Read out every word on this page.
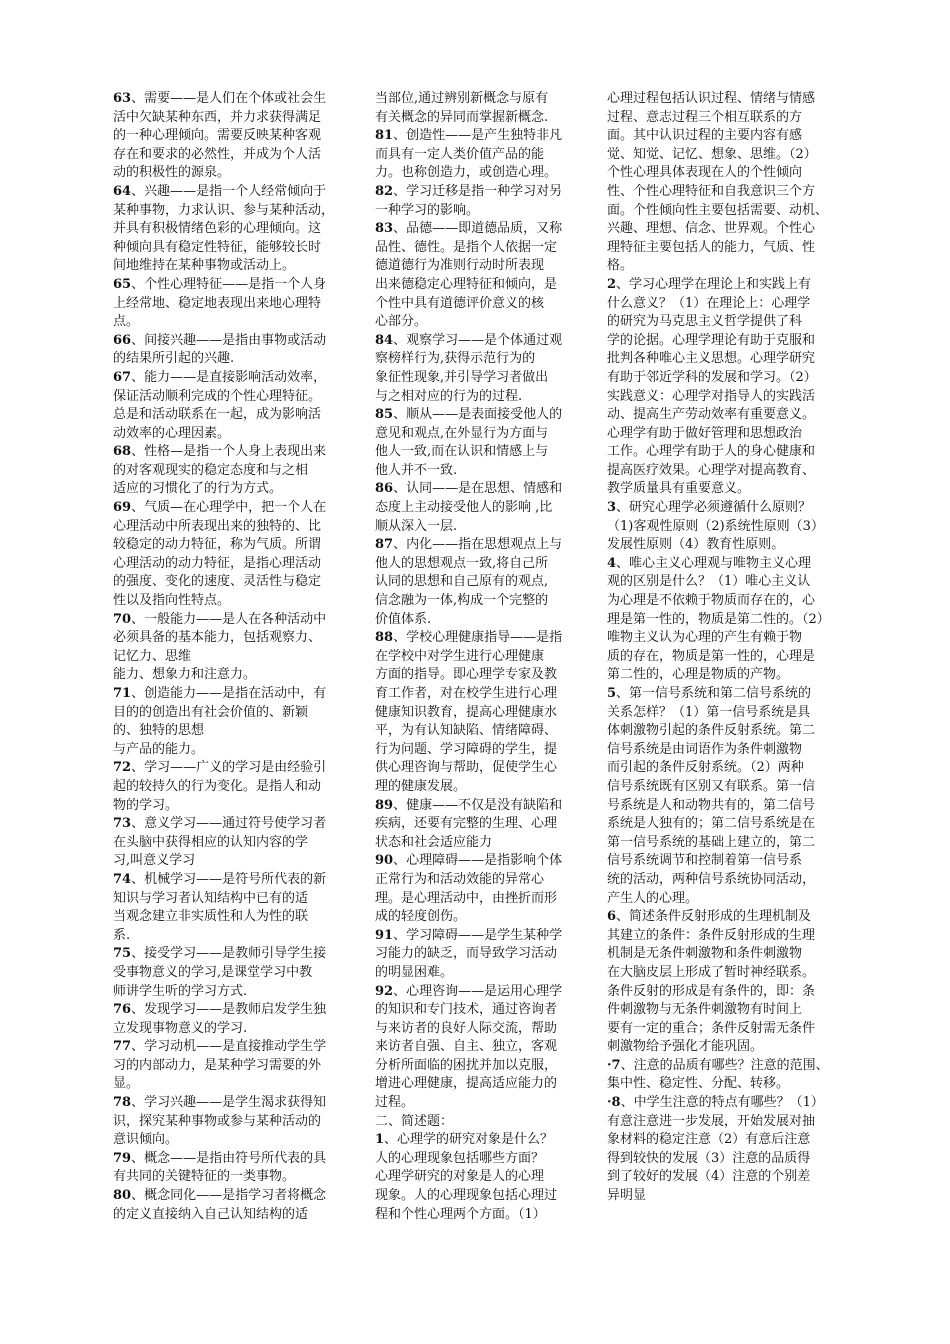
63、需要——是人们在个体或社会生
活中欠缺某种东西，并力求获得满足
的一种心理倾向。需要反映某种客观
存在和要求的必然性，并成为个人活
动的积极性的源泉。

64、兴趣——是指一个人经常倾向于
某种事物，力求认识、参与某种活动，
并具有积极情绪色彩的心理倾向。这
种倾向具有稳定性特征，能够较长时
间地维持在某种事物或活动上。

65、个性心理特征——是指一个人身
上经常地、稳定地表现出来地心理特
点。

66、间接兴趣——是指由事物或活动
的结果所引起的兴趣.

67、能力——是直接影响活动效率，
保证活动顺利完成的个性心理特征。
总是和活动联系在一起，成为影响活
动效率的心理因素。

68、性格—是指一个人身上表现出来
的对客观现实的稳定态度和与之相
适应的习惯化了的行为方式。

69、气质—在心理学中，把一个人在
心理活动中所表现出来的独特的、比
较稳定的动力特征，称为气质。所谓
心理活动的动力特征，是指心理活动
的强度、变化的速度、灵活性与稳定
性以及指向性特点。

70、一般能力——是人在各种活动中
必须具备的基本能力，包括观察力、
记忆力、思维
能力、想象力和注意力。

71、创造能力——是指在活动中，有
目的的创造出有社会价值的、新颖
的、独特的思想
与产品的能力。

72、学习——广义的学习是由经验引
起的较持久的行为变化。是指人和动
物的学习。

73、意义学习——通过符号使学习者
在头脑中获得相应的认知内容的学
习,叫意义学习

74、机械学习——是符号所代表的新
知识与学习者认知结构中已有的适
当观念建立非实质性和人为性的联
系.

75、接受学习——是教师引导学生接
受事物意义的学习,是课堂学习中教
师讲学生听的学习方式.

76、发现学习——是教师启发学生独
立发现事物意义的学习.

77、学习动机——是直接推动学生学
习的内部动力，是某种学习需要的外
显。

78、学习兴趣——是学生渴求获得知
识，探究某种事物或参与某种活动的
意识倾向。

79、概念——是指由符号所代表的具
有共同的关键特征的一类事物。

80、概念同化——是指学习者将概念
的定义直接纳入自己认知结构的适

当部位,通过辨别新概念与原有
有关概念的异同而掌握新概念.

81、创造性——是产生独特非凡
而具有一定人类价值产品的能
力。也称创造力，或创造心理。

82、学习迁移是指一种学习对另
一种学习的影响。

83、品德——即道德品质，又称
品性、德性。是指个人依据一定
德道德行为准则行动时所表现
出来德稳定心理特征和倾向，是
个性中具有道德评价意义的核
心部分。

84、观察学习——是个体通过观
察榜样行为,获得示范行为的
象征性现象,并引导学习者做出
与之相对应的行为的过程.

85、顺从——是表面接受他人的
意见和观点,在外显行为方面与
他人一致,而在认识和情感上与
他人并不一致.

86、认同——是在思想、情感和
态度上主动接受他人的影响 ,比
顺从深入一层.

87、内化——指在思想观点上与
他人的思想观点一致,将自己所
认同的思想和自己原有的观点,
信念融为一体,构成一个完整的
价值体系.

88、学校心理健康指导——是指
在学校中对学生进行心理健康
方面的指导。即心理学专家及教
育工作者，对在校学生进行心理
健康知识教育，提高心理健康水
平，为有认知缺陷、情绪障碍、
行为问题、学习障碍的学生，提
供心理咨询与帮助，促使学生心
理的健康发展。

89、健康——不仅是没有缺陷和
疾病，还要有完整的生理、心理
状态和社会适应能力

90、心理障碍——是指影响个体
正常行为和活动效能的异常心
理。是心理活动中，由挫折而形
成的轻度创伤。

91、学习障碍——是学生某种学
习能力的缺乏，而导致学习活动
的明显困难。

92、心理咨询——是运用心理学
的知识和专门技术，通过咨询者
与来访者的良好人际交流，帮助
来访者自强、自主、独立，客观
分析所面临的困扰并加以克服，
增进心理健康，提高适应能力的
过程。

二、简述题：

1、心理学的研究对象是什么？
人的心理现象包括哪些方面？
心理学研究的对象是人的心理
现象。人的心理现象包括心理过
程和个性心理两个方面。（1）

心理过程包括认识过程、情绪与情感
过程、意志过程三个相互联系的方
面。其中认识过程的主要内容有感
觉、知觉、记忆、想象、思维。（2）
个性心理具体表现在人的个性倾向
性、个性心理特征和自我意识三个方
面。个性倾向性主要包括需要、动机、
兴趣、理想、信念、世界观。个性心
理特征主要包括人的能力，气质、性
格。

2、学习心理学在理论上和实践上有
什么意义？（1）在理论上：心理学
的研究为马克思主义哲学提供了科
学的论据。心理学理论有助于克服和
批判各种唯心主义思想。心理学研究
有助于邻近学科的发展和学习。（2）
实践意义：心理学对指导人的实践活
动、提高生产劳动效率有重要意义。
心理学有助于做好管理和思想政治
工作。心理学有助于人的身心健康和
提高医疗效果。心理学对提高教育、
教学质量具有重要意义。

3、研究心理学必须遵循什么原则？
（1)客观性原则（2)系统性原则（3）
发展性原则（4）教育性原则。

4、唯心主义心理观与唯物主义心理
观的区别是什么？（1）唯心主义认
为心理是不依赖于物质而存在的，心
理是第一性的，物质是第二性的。（2）
唯物主义认为心理的产生有赖于物
质的存在，物质是第一性的，心理是
第二性的，心理是物质的产物。

5、第一信号系统和第二信号系统的
关系怎样？（1）第一信号系统是具
体刺激物引起的条件反射系统。第二
信号系统是由词语作为条件刺激物
而引起的条件反射系统。（2）两种
信号系统既有区别又有联系。第一信
号系统是人和动物共有的，第二信号
系统是人独有的；第二信号系统是在
第一信号系统的基础上建立的，第二
信号系统调节和控制着第一信号系
统的活动，两种信号系统协同活动，
产生人的心理。

6、简述条件反射形成的生理机制及
其建立的条件：条件反射形成的生理
机制是无条件刺激物和条件刺激物
在大脑皮层上形成了暂时神经联系。
条件反射的形成是有条件的，即：条
件刺激物与无条件刺激物有时间上
要有一定的重合；条件反射需无条件
刺激物给予强化才能巩固。

·7、注意的品质有哪些？注意的范围、
集中性、稳定性、分配、转移。

·8、中学生注意的特点有哪些？（1）
有意注意进一步发展，开始发展对抽
象材料的稳定注意（2）有意后注意
得到较快的发展（3）注意的品质得
到了较好的发展（4）注意的个别差
异明显
